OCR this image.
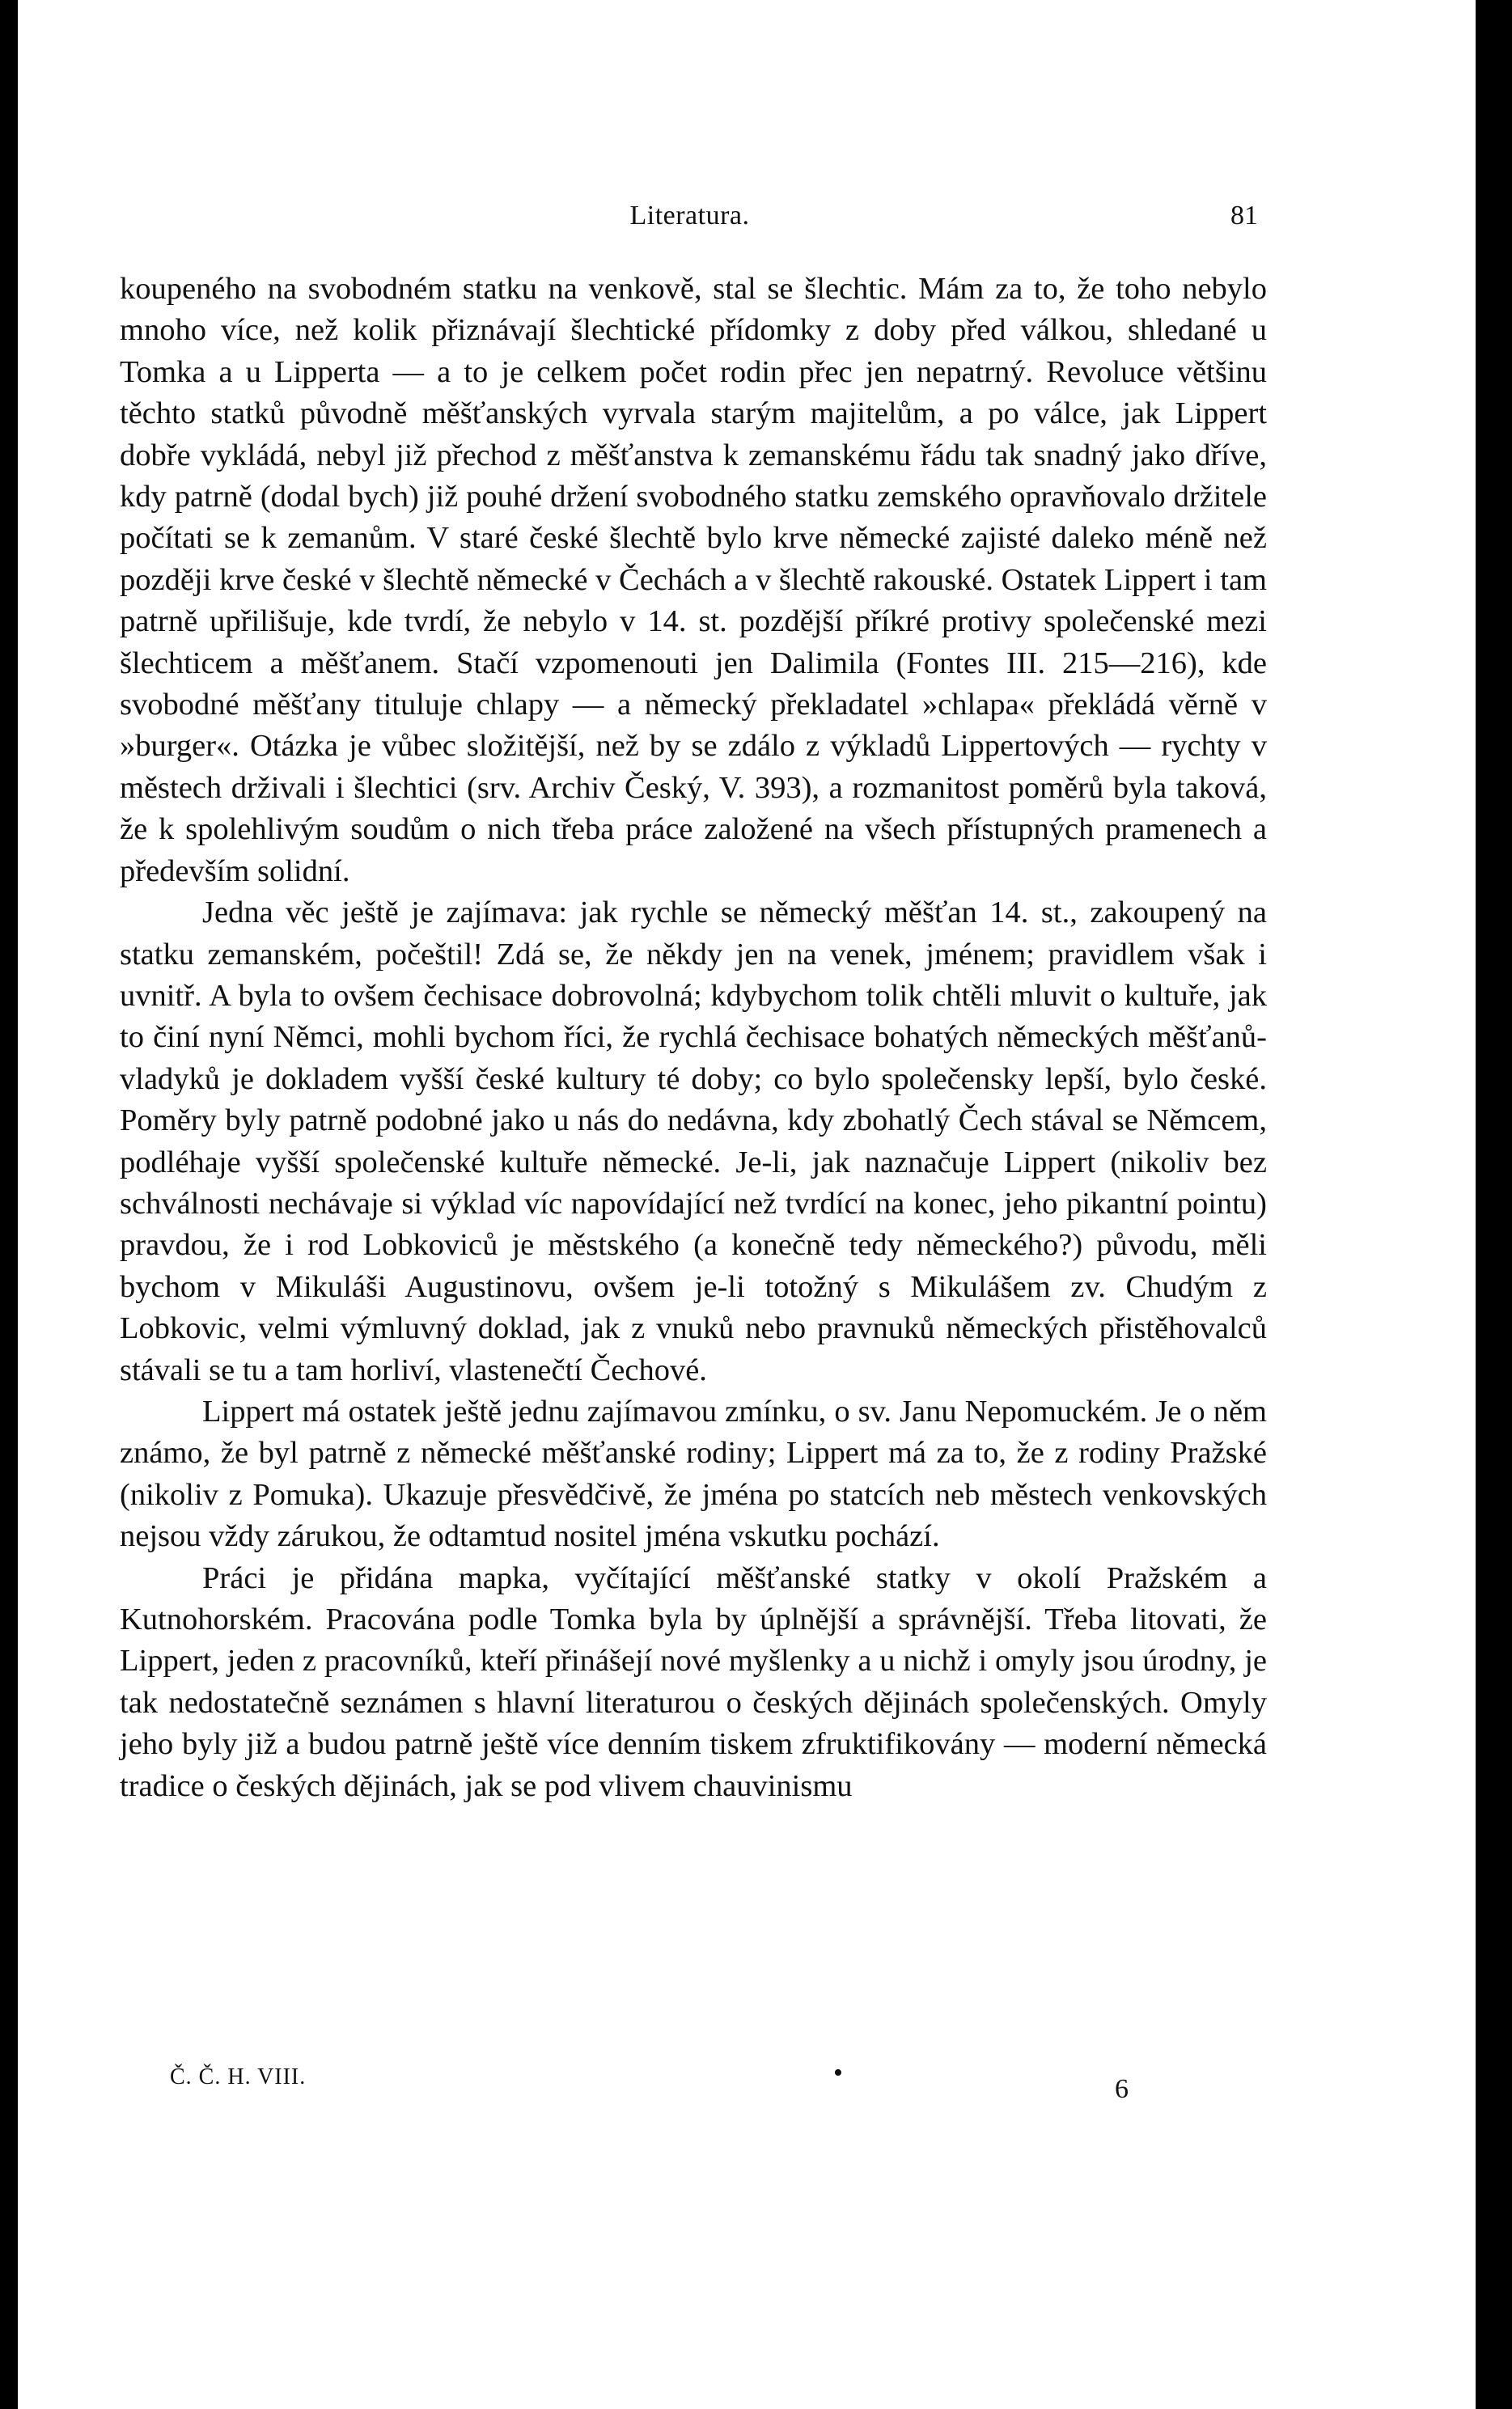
Literatura.	81

koupeného na svobodném statku na venkově, stal se šlechtic. Mám za to, že toho nebylo mnoho více, než kolik přiznávají šlechtické přídomky z doby před válkou, shledané u Tomka a u Lipperta — a to je celkem počet rodin přec jen nepatrný. Revoluce většinu těchto statků původně měšťanských vyrvala starým majitelům, a po válce, jak Lippert dobře vykládá, nebyl již přechod z měšťanstva k zemanskému řádu tak snadný jako dříve, kdy patrně (dodal bych) již pouhé držení svobodného statku zemského opravňovalo držitele počítati se k zemanům. V staré české šlechtě bylo krve německé zajisté daleko méně než později krve české v šlechtě německé v Čechách a v šlechtě rakouské. Ostatek Lippert i tam patrně upřilišuje, kde tvrdí, že nebylo v 14. st. pozdější příkré protivy společenské mezi šlechticem a měšťanem. Stačí vzpomenouti jen Dalimila (Fontes III. 215—216), kde svobodné měšťany tituluje chlapy — a německý překladatel »chlapa« překládá věrně v »burger«. Otázka je vůbec složitější, než by se zdálo z výkladů Lippertových — rychty v městech drživali i šlechtici (srv. Archiv Český, V. 393), a rozmanitost poměrů byla taková, že k spolehlivým soudům o nich třeba práce založené na všech přístupných pramenech a především solidní.

Jedna věc ještě je zajímava: jak rychle se německý měšťan 14. st., zakoupený na statku zemanském, počeštil! Zdá se, že někdy jen na venek, jménem; pravidlem však i uvnitř. A byla to ovšem čechisace dobrovolná; kdybychom tolik chtěli mluvit o kultuře, jak to činí nyní Němci, mohli bychom říci, že rychlá čechisace bohatých německých měšťanů-vladyků je dokladem vyšší české kultury té doby; co bylo společensky lepší, bylo české. Poměry byly patrně podobné jako u nás do nedávna, kdy zbohatlý Čech stával se Němcem, podléhaje vyšší společenské kultuře německé. Je-li, jak naznačuje Lippert (nikoliv bez schválnosti nechávaje si výklad víc napovídající než tvrdící na konec, jeho pikantní pointu) pravdou, že i rod Lobkoviců je městského (a konečně tedy německého?) původu, měli bychom v Mikuláši Augustinovu, ovšem je-li totožný s Mikulášem zv. Chudým z Lobkovic, velmi výmluvný doklad, jak z vnuků nebo pravnuků německých přistěhovalců stávali se tu a tam horliví, vlastenečtí Čechové.

Lippert má ostatek ještě jednu zajímavou zmínku, o sv. Janu Nepomuckém. Je o něm známo, že byl patrně z německé měšťanské rodiny; Lippert má za to, že z rodiny Pražské (nikoliv z Pomuka). Ukazuje přesvědčivě, že jména po statcích neb městech venkovských nejsou vždy zárukou, že odtamtud nositel jména vskutku pochází.

Práci je přidána mapka, vyčítající měšťanské statky v okolí Pražském a Kutnohorském. Pracována podle Tomka byla by úplnější a správnější. Třeba litovati, že Lippert, jeden z pracovníků, kteří přinášejí nové myšlenky a u nichž i omyly jsou úrodny, je tak nedostatečně seznámen s hlavní literaturou o českých dějinách společenských. Omyly jeho byly již a budou patrně ještě více denním tiskem zfruktifikovány — moderní německá tradice o českých dějinách, jak se pod vlivem chauvinismu

Č. Č. H. VIII.	•
6
